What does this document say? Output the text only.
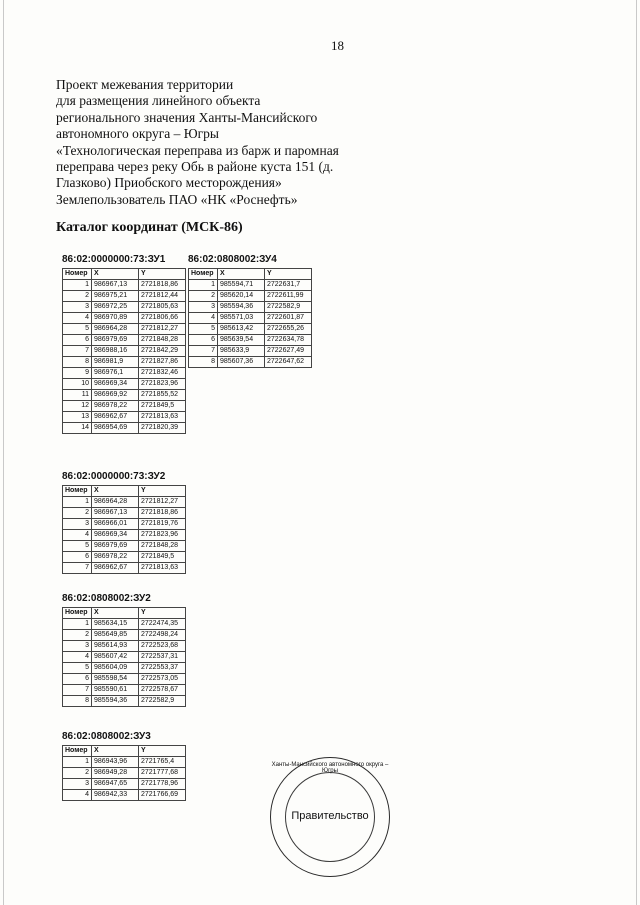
18
Проект межевания территории
для размещения линейного объекта
регионального значения Ханты-Мансийского
автономного округа – Югры
«Технологическая переправа из барж и паромная
переправа через реку Обь в районе куста 151 (д.
Глазково) Приобского месторождения»
Землепользователь ПАО «НК «Роснефть»
Каталог координат (МСК-86)
86:02:0000000:73:ЗУ1
Номер	X	Y
1	986967,13	2721818,86
2	986975,21	2721812,44
3	986972,25	2721805,63
4	986970,89	2721806,66
5	986964,28	2721812,27
6	986979,69	2721848,28
7	986988,16	2721842,29
8	986981,9	2721827,86
9	986976,1	2721832,46
10	986969,34	2721823,96
11	986969,92	2721855,52
12	986978,22	2721849,5
13	986962,67	2721813,63
14	986954,69	2721820,39
86:02:0808002:ЗУ4
Номер	X	Y
1	985594,71	2722631,7
2	985620,14	2722611,99
3	985594,36	2722582,9
4	985571,03	2722601,87
5	985613,42	2722655,26
6	985639,54	2722634,78
7	985633,9	2722627,49
8	985607,36	2722647,62
86:02:0000000:73:ЗУ2
Номер	X	Y
1	986964,28	2721812,27
2	986967,13	2721818,86
3	986966,01	2721819,76
4	986969,34	2721823,96
5	986979,69	2721848,28
6	986978,22	2721849,5
7	986962,67	2721813,63
86:02:0808002:ЗУ2
Номер	X	Y
1	985634,15	2722474,35
2	985649,85	2722498,24
3	985614,93	2722523,68
4	985607,42	2722537,31
5	985604,09	2722553,37
6	985598,54	2722573,05
7	985590,61	2722578,67
8	985594,36	2722582,9
86:02:0808002:ЗУ3
Номер	X	Y
1	986943,96	2721765,4
2	986949,28	2721777,68
3	986947,65	2721778,96
4	986942,33	2721766,69
Ханты-Мансийского автономного округа – Югры
Правительство
